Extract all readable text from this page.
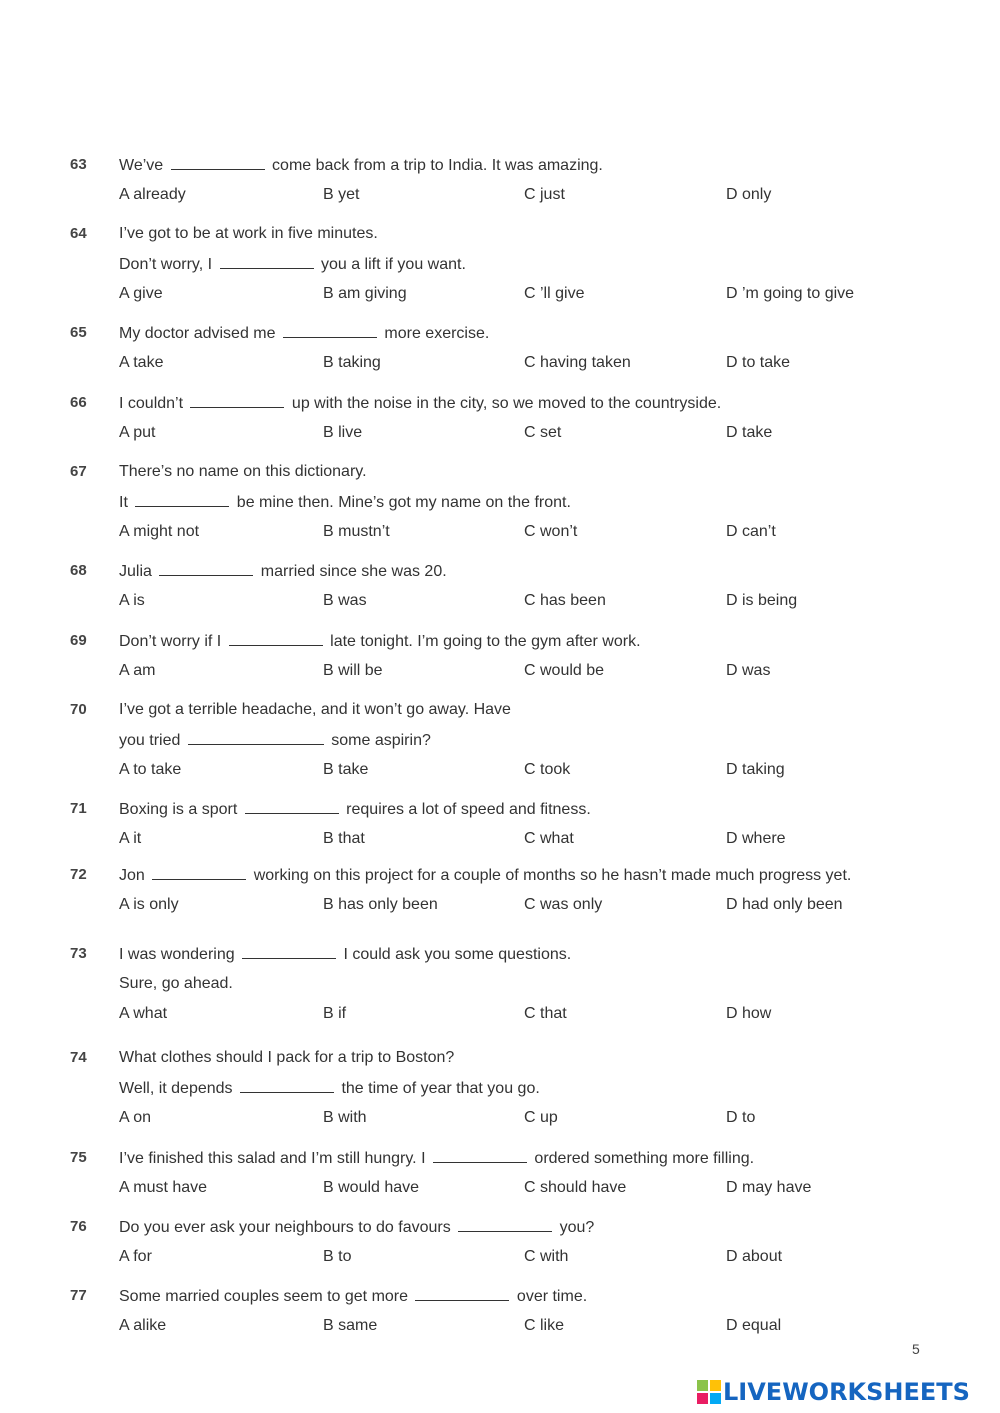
63 We’ve	come back from a trip to India. It was amazing.
A already	B yet	C just	D only
64 I’ve got to be at work in five minutes.
Don’t worry, I	you a lift if you want.
A give	B am giving	C ’ll give	D ’m going to give
65 My doctor advised me	more exercise.
A take	B taking	C having taken	D to take
66 I couldn’t	up with the noise in the city, so we moved to the countryside.
A put	B live	C set	D take
67 There’s no name on this dictionary.
It	be mine then. Mine’s got my name on the front.
A might not	B mustn’t	C won’t	D can’t
68 Julia	married since she was 20.
A is	B was	C has been	D is being
69 Don’t worry if I	late tonight. I’m going to the gym after work.
A am	B will be	C would be	D was
70 I’ve got a terrible headache, and it won’t go away. Have
you tried	some aspirin?
A to take	B take	C took	D taking
71 Boxing is a sport	requires a lot of speed and fitness.
A it	B that	C what	D where
72 Jon	working on this project for a couple of months so he hasn’t made much progress yet.
A is only	B has only been	C was only	D had only been
73 I was wondering	I could ask you some questions.
Sure, go ahead.
A what	B if	C that	D how
74 What clothes should I pack for a trip to Boston?
Well, it depends	the time of year that you go.
A on	B with	C up	D to
75 I’ve finished this salad and I’m still hungry. I	ordered something more filling.
A must have	B would have	C should have	D may have
76 Do you ever ask your neighbours to do favours	you?
A for	B to	C with	D about
77 Some married couples seem to get more	over time.
A alike	B same	C like	D equal
5
LIVEWORKSHEETS
